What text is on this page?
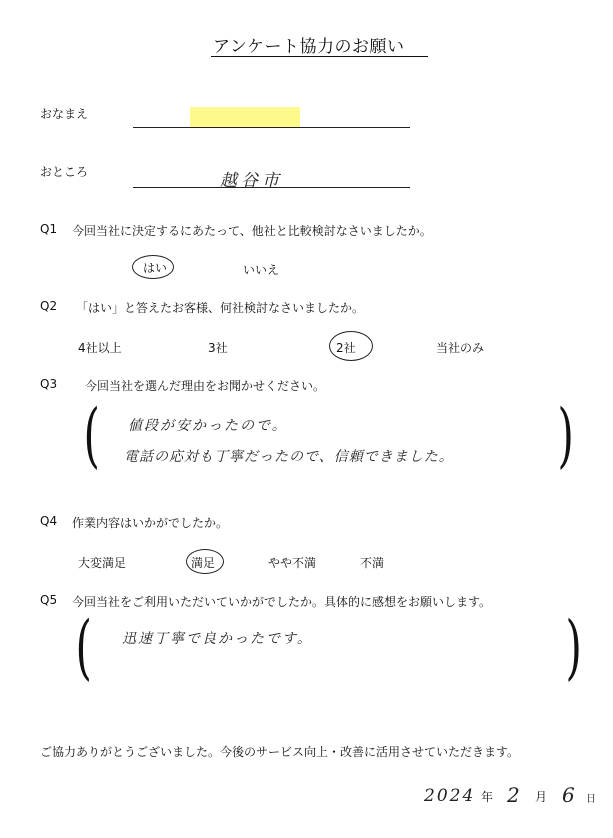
アンケート協力のお願い
おなまえ
おところ	越谷市
Q1 今回当社に決定するにあたって、他社と比較検討なさいましたか。
はい	いいえ
Q2 「はい」と答えたお客様、何社検討なさいましたか。
4社以上	3社	2社	当社のみ
Q3 今回当社を選んだ理由をお聞かせください。
( 値段が安かったので。
電話の応対も丁寧だったので、信頼できました。 )
Q4 作業内容はいかがでしたか。
大変満足	満足	やや不満	不満
Q5 今回当社をご利用いただいていかがでしたか。具体的に感想をお願いします。
( 迅速丁寧で良かったです。	)
ご協力ありがとうございました。今後のサービス向上・改善に活用させていただきます。
2024 年 2 月 6 日
